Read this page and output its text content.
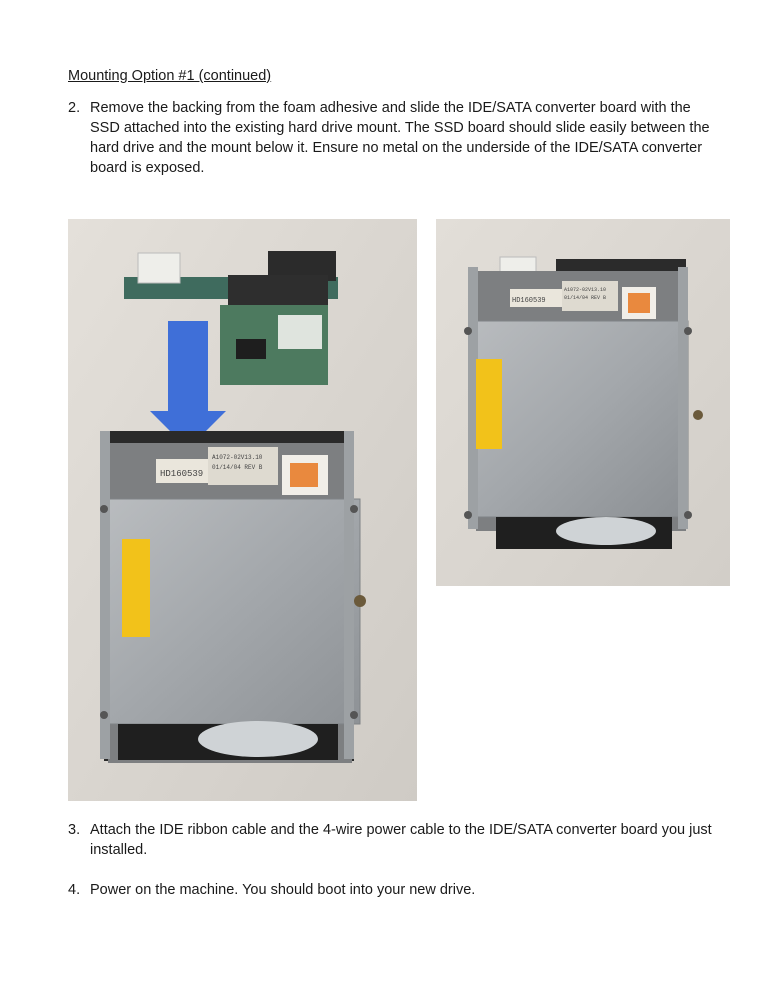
Mounting Option #1 (continued)
2. Remove the backing from the foam adhesive and slide the IDE/SATA converter board with the SSD attached into the existing hard drive mount. The SSD board should slide easily between the hard drive and the mount below it. Ensure no metal on the underside of the IDE/SATA converter board is exposed.
HD160539
A1072-02V13.10
01/14/04 REV B
HD160539
A1072-02V13.10
01/14/04 REV B
3. Attach the IDE ribbon cable and the 4-wire power cable to the IDE/SATA converter board you just installed.
4. Power on the machine. You should boot into your new drive.
